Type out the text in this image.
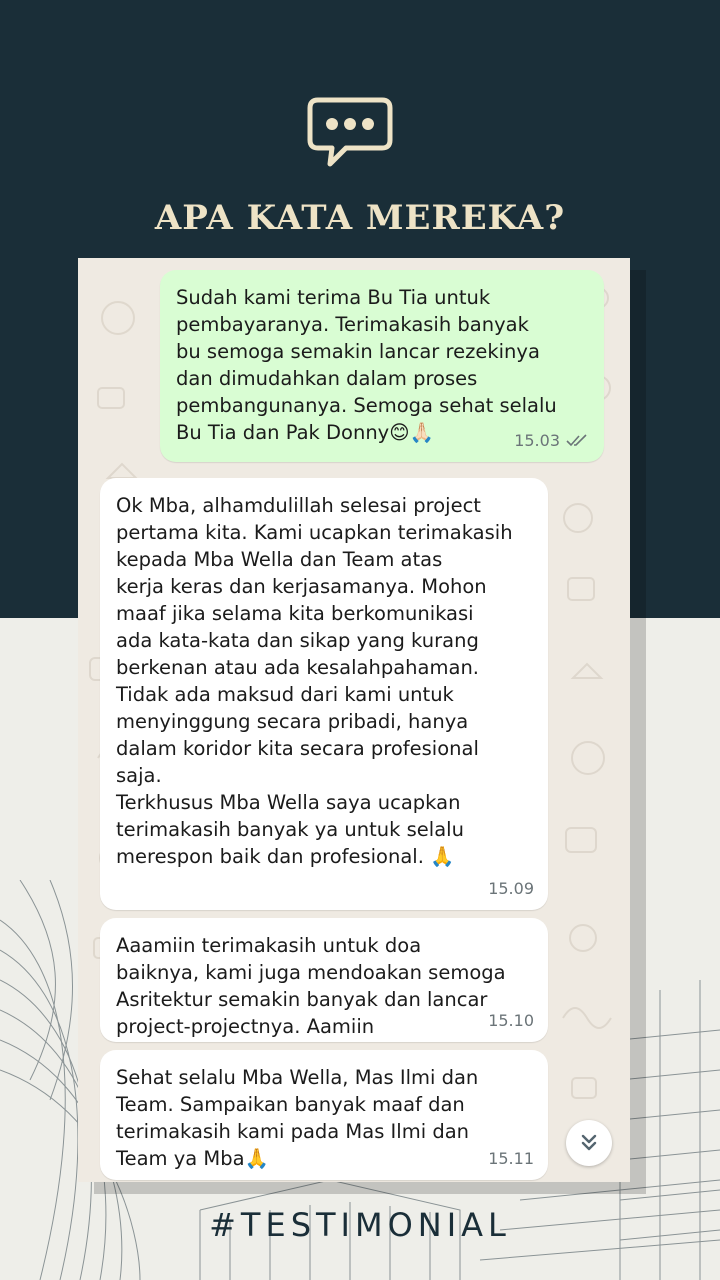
APA KATA MEREKA?
Sudah kami terima Bu Tia untuk
pembayaranya. Terimakasih banyak
bu semoga semakin lancar rezekinya
dan dimudahkan dalam proses
pembangunanya. Semoga sehat selalu
Bu Tia dan Pak Donny😊🙏🏻	15.03
Ok Mba, alhamdulillah selesai project
pertama kita. Kami ucapkan terimakasih
kepada Mba Wella dan Team atas
kerja keras dan kerjasamanya. Mohon
maaf jika selama kita berkomunikasi
ada kata-kata dan sikap yang kurang
berkenan atau ada kesalahpahaman.
Tidak ada maksud dari kami untuk
menyinggung secara pribadi, hanya
dalam koridor kita secara profesional
saja.
Terkhusus Mba Wella saya ucapkan
terimakasih banyak ya untuk selalu
merespon baik dan profesional. 🙏
15.09
Aaamiin terimakasih untuk doa
baiknya, kami juga mendoakan semoga
Asritektur semakin banyak dan lancar
project-projectnya. Aamiin	15.10
Sehat selalu Mba Wella, Mas Ilmi dan
Team. Sampaikan banyak maaf dan
terimakasih kami pada Mas Ilmi dan
Team ya Mba🙏	15.11
#TESTIMONIAL
